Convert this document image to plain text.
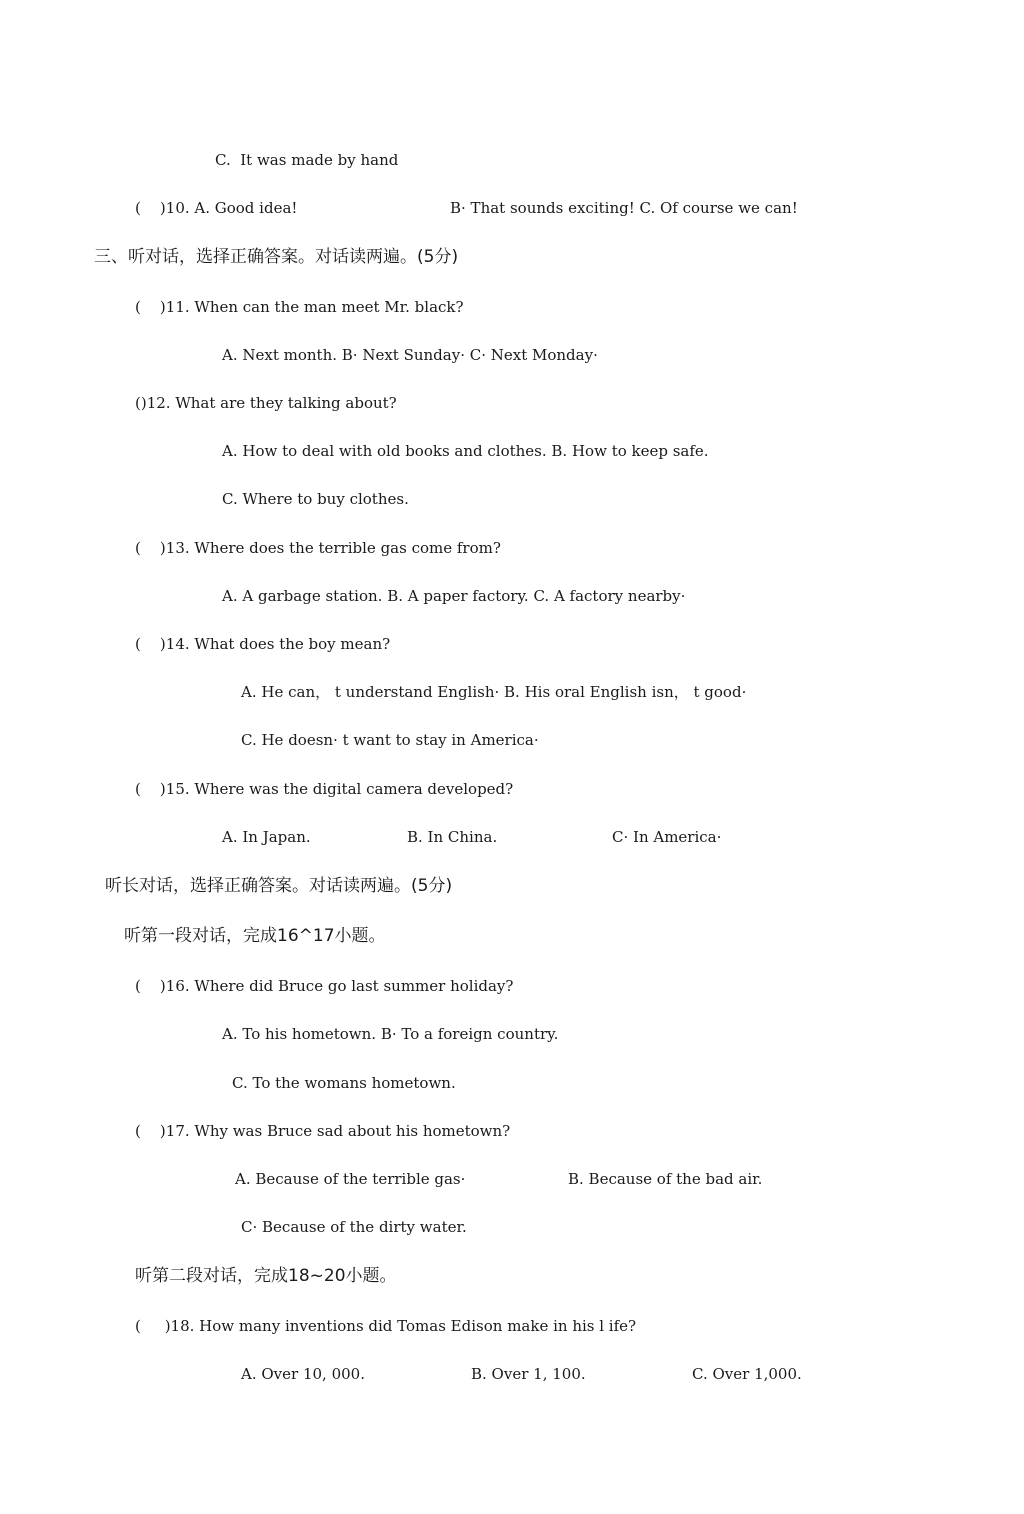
C.  It was made by hand
(    )10. A. Good idea!	B· That sounds exciting! C. Of course we can!
三、听对话，选择正确答案。对话读两遍。(5分)
(    )11. When can the man meet Mr. black?
A. Next month. B· Next Sunday· C· Next Monday·
()12. What are they talking about?
A. How to deal with old books and clothes. B. How to keep safe.
C. Where to buy clothes.
(    )13. Where does the terrible gas come from?
A. A garbage station. B. A paper factory. C. A factory nearby·
(    )14. What does the boy mean?
A. He can， t understand English· B. His oral English isn， t good·
C. He doesn· t want to stay in America·
(    )15. Where was the digital camera developed?
A. In Japan.	B. In China.	C· In America·
听长对话，选择正确答案。对话读两遍。(5分)
听第一段对话，完成16^17小题。
(    )16. Where did Bruce go last summer holiday?
A. To his hometown. B· To a foreign country.
C. To the womans hometown.
(    )17. Why was Bruce sad about his hometown?
A. Because of the terrible gas·	B. Because of the bad air.
C· Because of the dirty water.
听第二段对话，完成18~20小题。
(     )18. How many inventions did Tomas Edison make in his l ife?
A. Over 10, 000.	B. Over 1, 100.	C. Over 1,000.
